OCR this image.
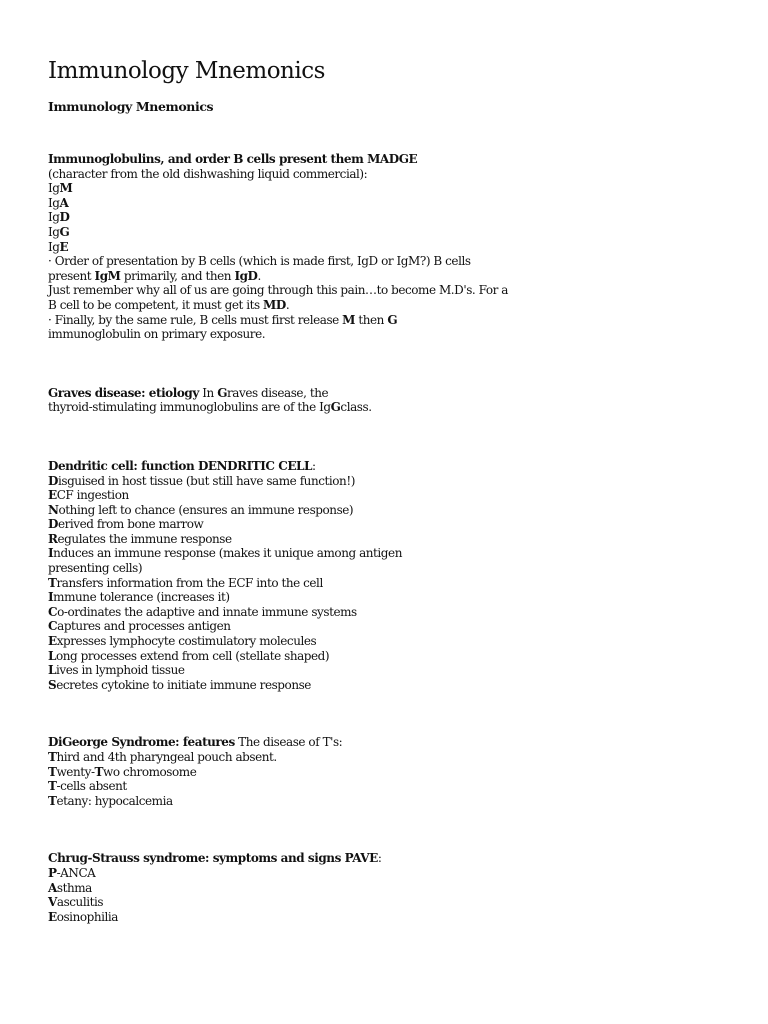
Immunology Mnemonics
Immunology Mnemonics
Immunoglobulins, and order B cells present them MADGE
(character from the old dishwashing liquid commercial):
IgM
IgA
IgD
IgG
IgE
· Order of presentation by B cells (which is made first, IgD or IgM?) B cells
present IgM primarily, and then IgD.
Just remember why all of us are going through this pain…to become M.D's. For a
B cell to be competent, it must get its MD.
· Finally, by the same rule, B cells must first release M then G
immunoglobulin on primary exposure.
Graves disease: etiology In Graves disease, the
thyroid-stimulating immunoglobulins are of the IgGclass.
Dendritic cell: function DENDRITIC CELL:
Disguised in host tissue (but still have same function!)
ECF ingestion
Nothing left to chance (ensures an immune response)
Derived from bone marrow
Regulates the immune response
Induces an immune response (makes it unique among antigen presenting cells)
Transfers information from the ECF into the cell
Immune tolerance (increases it)
Co-ordinates the adaptive and innate immune systems
Captures and processes antigen
Expresses lymphocyte costimulatory molecules
Long processes extend from cell (stellate shaped)
Lives in lymphoid tissue
Secretes cytokine to initiate immune response
DiGeorge Syndrome: features The disease of T's:
Third and 4th pharyngeal pouch absent.
Twenty-Two chromosome
T-cells absent
Tetany: hypocalcemia
Chrug-Strauss syndrome: symptoms and signs PAVE:
P-ANCA
Asthma
Vasculitis
Eosinophilia
